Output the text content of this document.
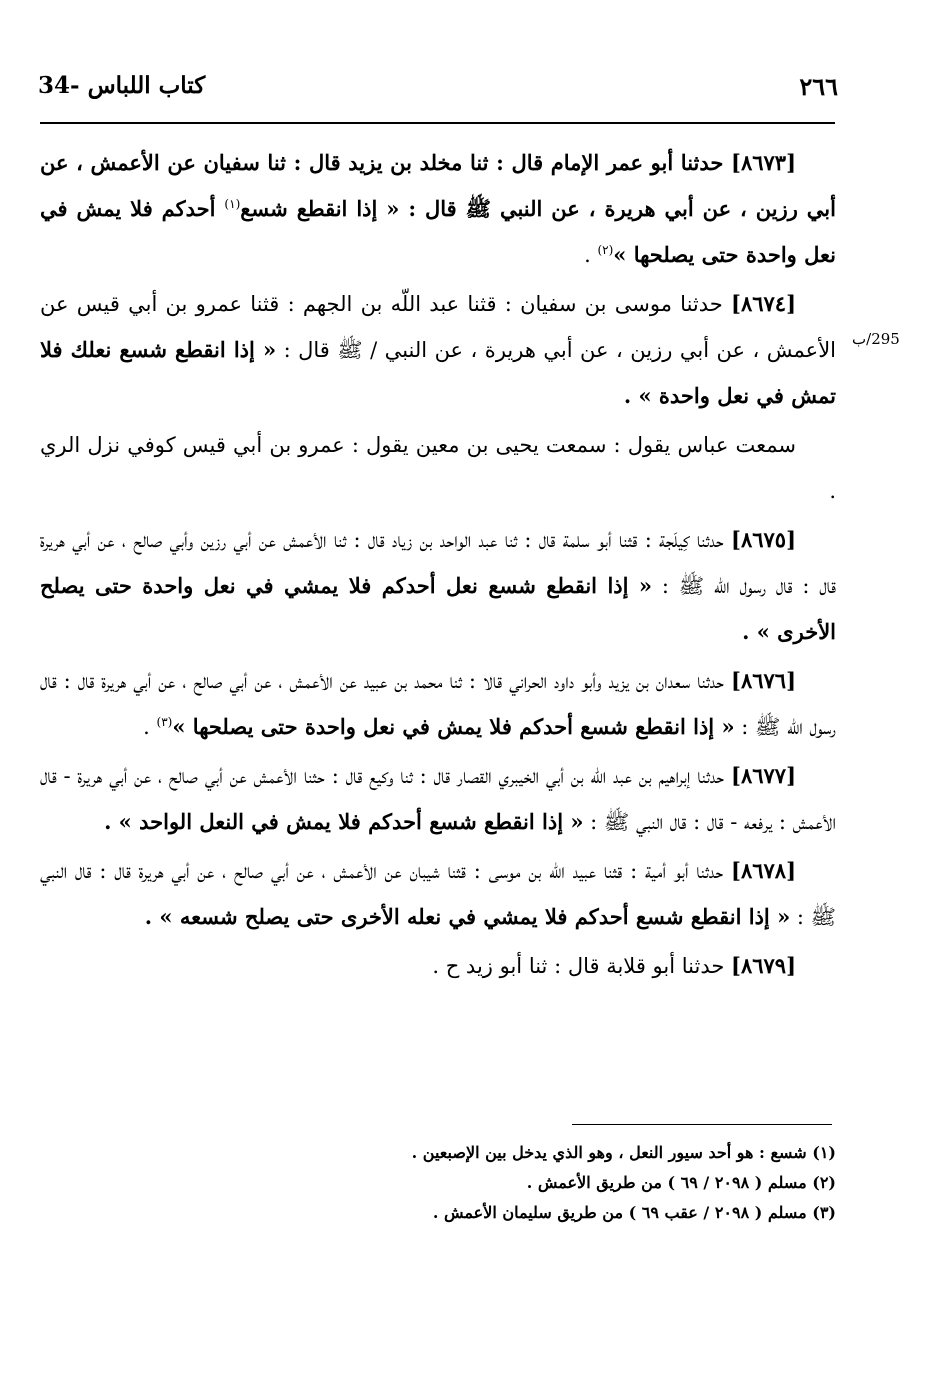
٢٦٦
34- كتاب اللباس
295/ب

[٨٦٧٣] حدثنا أبو عمر الإمام قال : ثنا مخلد بن يزيد قال : ثنا سفيان عن الأعمش ، عن أبي رزين ، عن أبي هريرة ، عن النبي ﷺ قال : « إذا انقطع شسع$^{(١)}$ أحدكم فلا يمش في نعل واحدة حتى يصلحها »$^{(٢)}$ .

[٨٦٧٤] حدثنا موسى بن سفيان : قثنا عبد اللّه بن الجهم : قثنا عمرو بن أبي قيس عن الأعمش ، عن أبي رزين ، عن أبي هريرة ، عن النبي / ﷺ قال : « إذا انقطع شسع نعلك فلا تمش في نعل واحدة » .

سمعت عباس يقول : سمعت يحيى بن معين يقول : عمرو بن أبي قيس كوفي نزل الري .

[٨٦٧٥] حدثنا كِيلَجة : قثنا أبو سلمة قال : ثنا عبد الواحد بن زياد قال : ثنا الأعمش عن أبي رزين وأبي صالح ، عن أبي هريرة قال : قال رسول اللّه ﷺ : « إذا انقطع شسع نعل أحدكم فلا يمشي في نعل واحدة حتى يصلح الأخرى » .

[٨٦٧٦] حدثنا سعدان بن يزيد وأبو داود الحراني قالا : ثنا محمد بن عبيد عن الأعمش ، عن أبي صالح ، عن أبي هريرة قال : قال رسول اللّه ﷺ : « إذا انقطع شسع أحدكم فلا يمش في نعل واحدة حتى يصلحها »$^{(٣)}$ .

[٨٦٧٧] حدثنا إبراهيم بن عبد اللّه بن أبي الخيبري القصار قال : ثنا وكيع قال : حثنا الأعمش عن أبي صالح ، عن أبي هريرة - قال الأعمش : يرفعه - قال : قال النبي ﷺ : « إذا انقطع شسع أحدكم فلا يمش في النعل الواحد » .

[٨٦٧٨] حدثنا أبو أمية : قثنا عبيد اللّه بن موسى : قثنا شيبان عن الأعمش ، عن أبي صالح ، عن أبي هريرة قال : قال النبي ﷺ : « إذا انقطع شسع أحدكم فلا يمشي في نعله الأخرى حتى يصلح شسعه » .

[٨٦٧٩] حدثنا أبو قلابة قال : ثنا أبو زيد ح .

(١) شسع : هو أحد سيور النعل ، وهو الذي يدخل بين الإصبعين .

(٢) مسلم ( ٢٠٩٨ / ٦٩ ) من طريق الأعمش .

(٣) مسلم ( ٢٠٩٨ / عقب ٦٩ ) من طريق سليمان الأعمش .
